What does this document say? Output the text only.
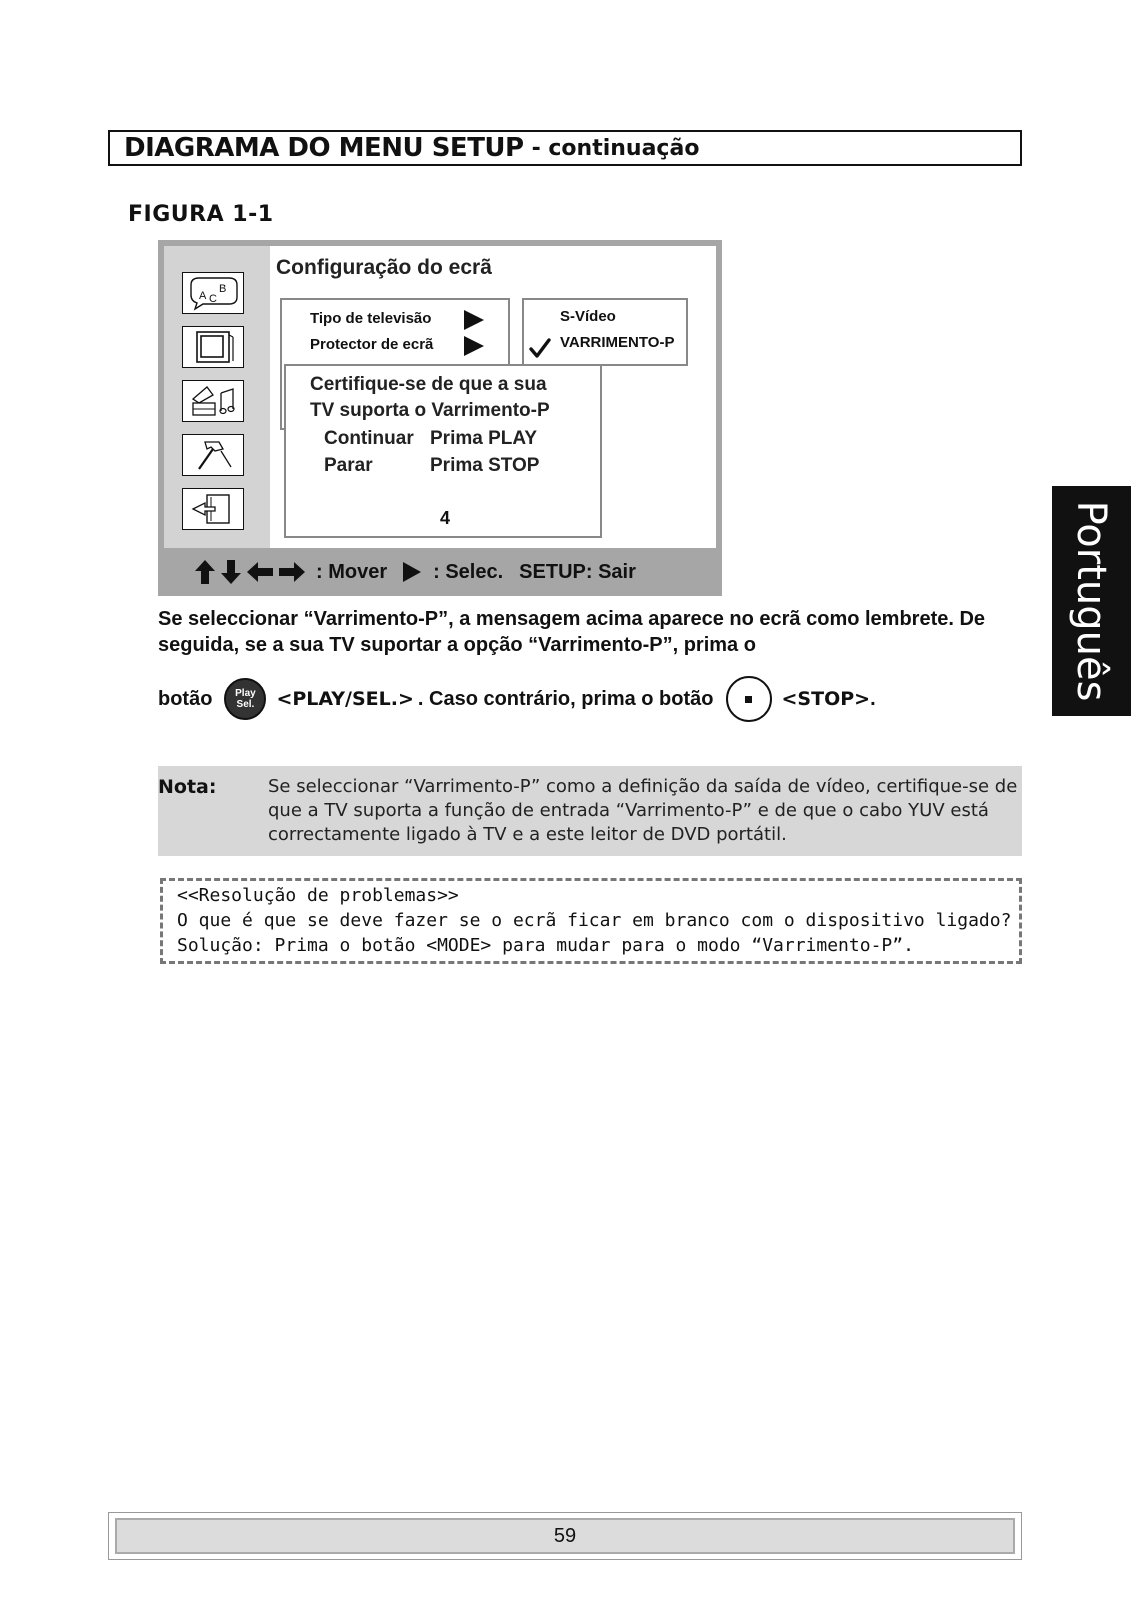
DIAGRAMA DO MENU SETUP - continuação
FIGURA 1-1
A C
B
Configuração do ecrã
Tipo de televisão
Protector de ecrã
S-Vídeo
VARRIMENTO-P
Certifique-se de que a sua
TV suporta o Varrimento-P
Continuar Prima PLAY
Parar	Prima STOP
4
: Mover : Selec. SETUP: Sair
Se seleccionar “Varrimento-P”, a mensagem acima aparece no ecrã como lembrete. De seguida, se a sua TV suportar a opção “Varrimento-P”, prima o
botão Play
Sel. <PLAY/SEL.> . Caso contrário, prima o botão	<STOP> .
Nota:	Se seleccionar “Varrimento-P” como a definição da saída de vídeo, certifique-se de que a TV suporta a função de entrada “Varrimento-P” e de que o cabo YUV está correctamente ligado à TV e a este leitor de DVD portátil.
<<Resolução de problemas>>
O que é que se deve fazer se o ecrã ficar em branco com o dispositivo ligado?
Solução: Prima o botão <MODE> para mudar para o modo “Varrimento-P”.
Português
59
